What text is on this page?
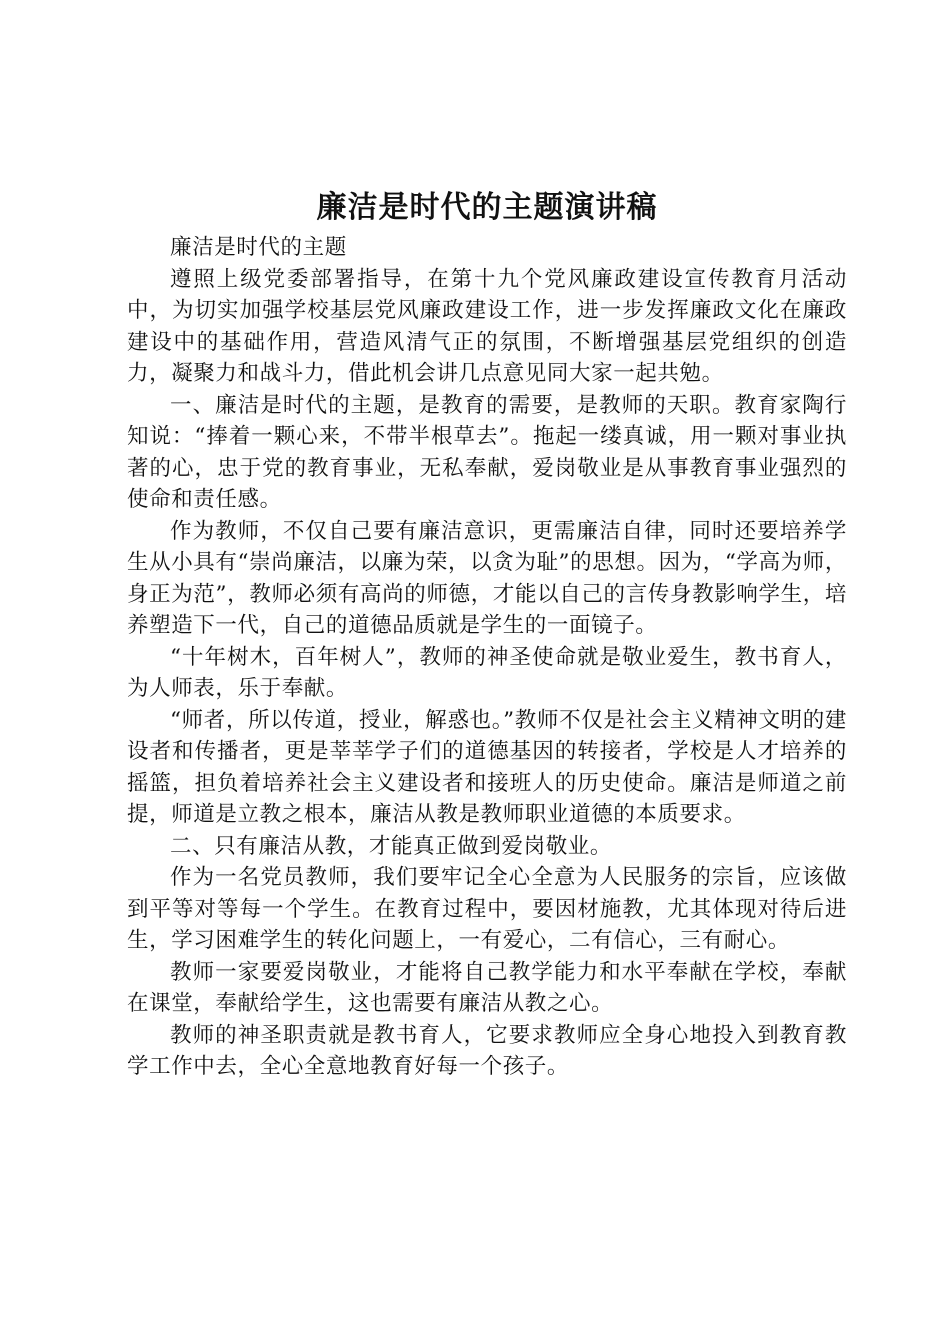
廉洁是时代的主题演讲稿

廉洁是时代的主题

遵照上级党委部署指导，在第十九个党风廉政建设宣传教育月活动中，为切实加强学校基层党风廉政建设工作，进一步发挥廉政文化在廉政建设中的基础作用，营造风清气正的氛围，不断增强基层党组织的创造力，凝聚力和战斗力，借此机会讲几点意见同大家一起共勉。

一、廉洁是时代的主题，是教育的需要，是教师的天职。教育家陶行知说：“捧着一颗心来，不带半根草去”。拖起一缕真诚，用一颗对事业执著的心，忠于党的教育事业，无私奉献，爱岗敬业是从事教育事业强烈的使命和责任感。

作为教师，不仅自己要有廉洁意识，更需廉洁自律，同时还要培养学生从小具有“崇尚廉洁，以廉为荣，以贪为耻”的思想。因为，“学高为师，身正为范”，教师必须有高尚的师德，才能以自己的言传身教影响学生，培养塑造下一代，自己的道德品质就是学生的一面镜子。

“十年树木，百年树人”，教师的神圣使命就是敬业爱生，教书育人，为人师表，乐于奉献。

“师者，所以传道，授业，解惑也。”教师不仅是社会主义精神文明的建设者和传播者，更是莘莘学子们的道德基因的转接者，学校是人才培养的摇篮，担负着培养社会主义建设者和接班人的历史使命。廉洁是师道之前提，师道是立教之根本，廉洁从教是教师职业道德的本质要求。

二、只有廉洁从教，才能真正做到爱岗敬业。

作为一名党员教师，我们要牢记全心全意为人民服务的宗旨，应该做到平等对等每一个学生。在教育过程中，要因材施教，尤其体现对待后进生，学习困难学生的转化问题上，一有爱心，二有信心，三有耐心。

教师一家要爱岗敬业，才能将自己教学能力和水平奉献在学校，奉献在课堂，奉献给学生，这也需要有廉洁从教之心。

教师的神圣职责就是教书育人，它要求教师应全身心地投入到教育教学工作中去，全心全意地教育好每一个孩子。
